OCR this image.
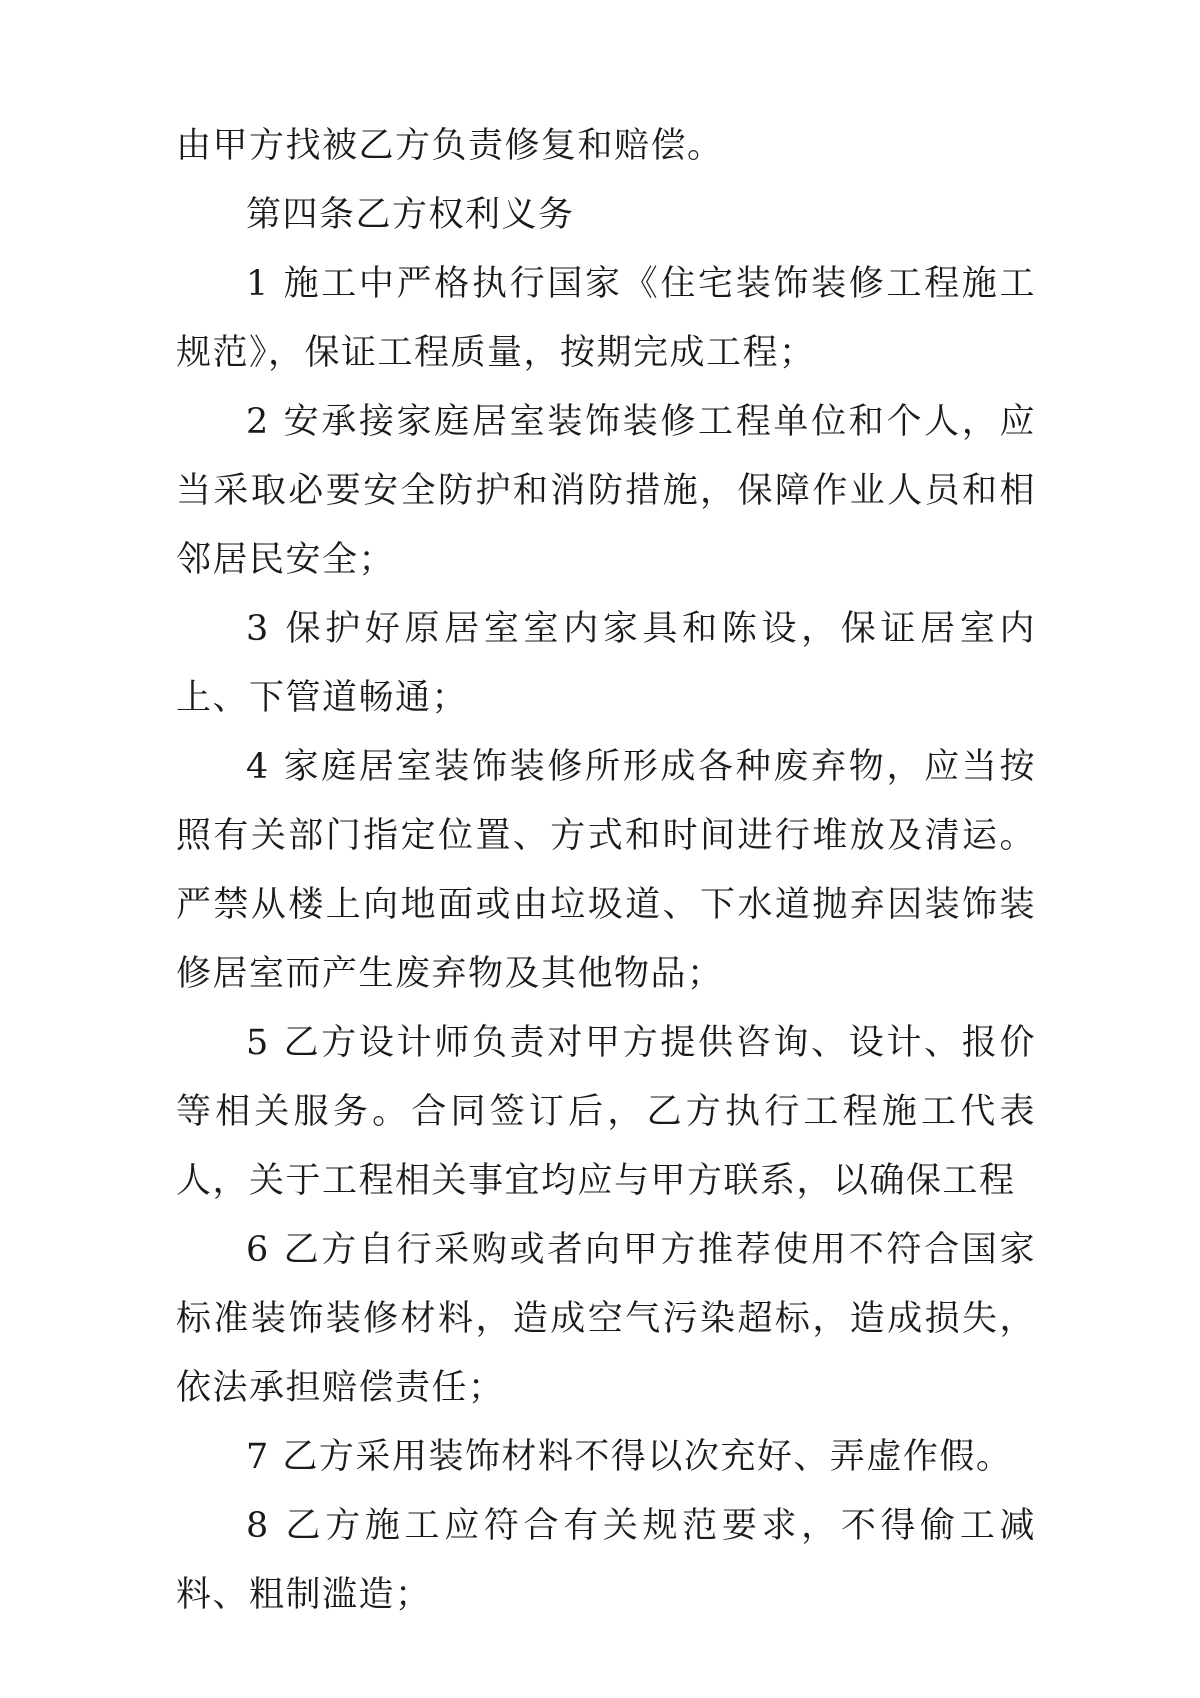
由甲方找被乙方负责修复和赔偿。

第四条乙方权利义务

1 施工中严格执行国家《住宅装饰装修工程施工规范》，保证工程质量，按期完成工程；

2 安承接家庭居室装饰装修工程单位和个人，应当采取必要安全防护和消防措施，保障作业人员和相邻居民安全；

3 保护好原居室室内家具和陈设，保证居室内上、下管道畅通；

4 家庭居室装饰装修所形成各种废弃物，应当按照有关部门指定位置、方式和时间进行堆放及清运。严禁从楼上向地面或由垃圾道、下水道抛弃因装饰装修居室而产生废弃物及其他物品；

5 乙方设计师负责对甲方提供咨询、设计、报价等相关服务。合同签订后，乙方执行工程施工代表人，关于工程相关事宜均应与甲方联系，以确保工程

6 乙方自行采购或者向甲方推荐使用不符合国家标准装饰装修材料，造成空气污染超标，造成损失，依法承担赔偿责任；

7 乙方采用装饰材料不得以次充好、弄虚作假。

8 乙方施工应符合有关规范要求，不得偷工减料、粗制滥造；
